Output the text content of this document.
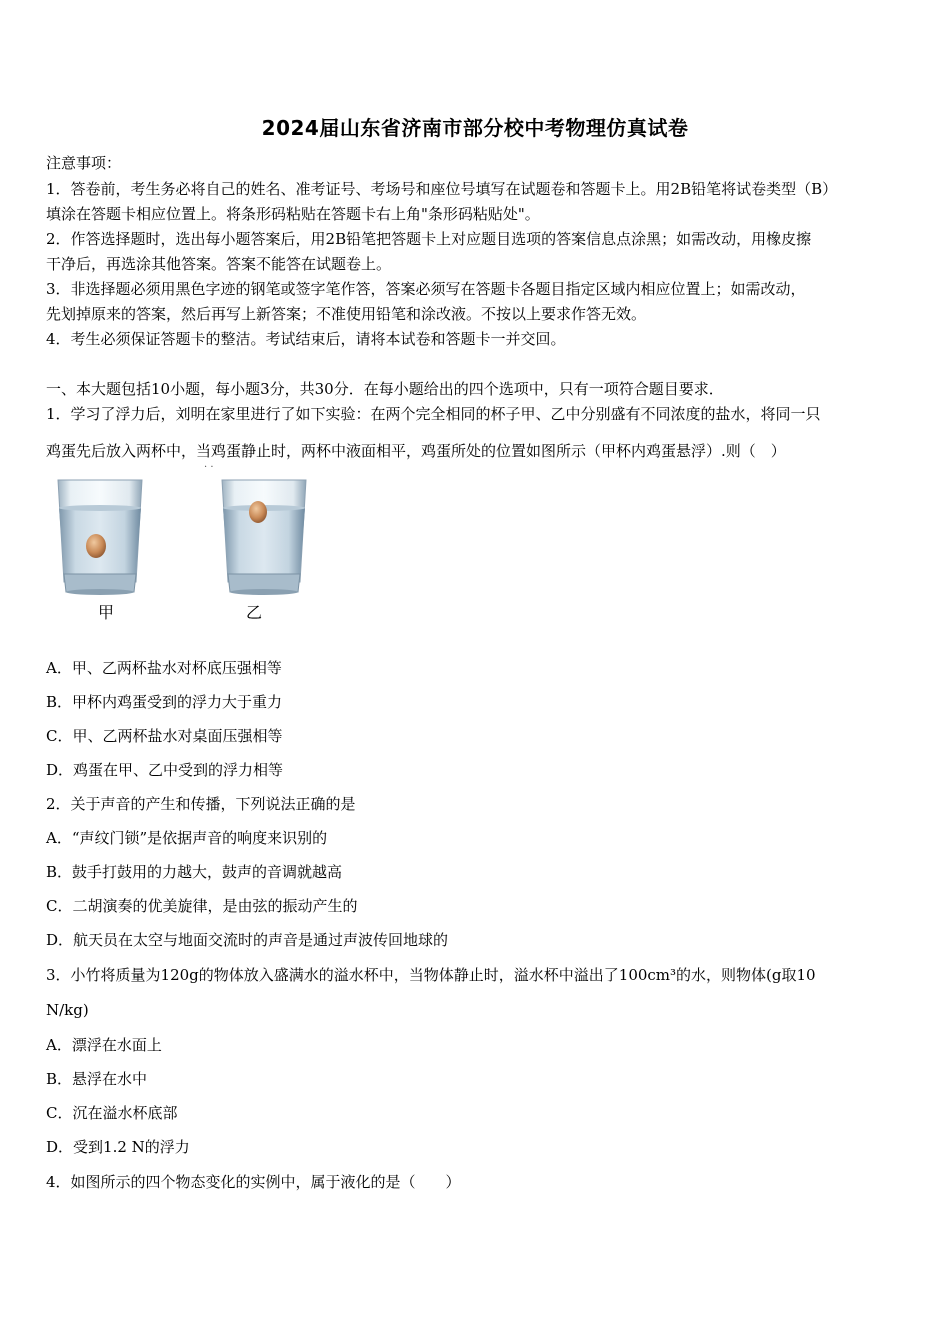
2024届山东省济南市部分校中考物理仿真试卷
注意事项：
1．答卷前，考生务必将自己的姓名、准考证号、考场号和座位号填写在试题卷和答题卡上。用2B铅笔将试卷类型（B）
填涂在答题卡相应位置上。将条形码粘贴在答题卡右上角"条形码粘贴处"。
2．作答选择题时，选出每小题答案后，用2B铅笔把答题卡上对应题目选项的答案信息点涂黑；如需改动，用橡皮擦
干净后，再选涂其他答案。答案不能答在试题卷上。
3．非选择题必须用黑色字迹的钢笔或签字笔作答，答案必须写在答题卡各题目指定区域内相应位置上；如需改动，
先划掉原来的答案，然后再写上新答案；不准使用铅笔和涂改液。不按以上要求作答无效。
4．考生必须保证答题卡的整洁。考试结束后，请将本试卷和答题卡一并交回。
一、本大题包括10小题，每小题3分，共30分．在每小题给出的四个选项中，只有一项符合题目要求．
1．学习了浮力后，刘明在家里进行了如下实验：在两个完全相同的杯子甲、乙中分别盛有不同浓度的盐水，将同一只
鸡蛋先后放入两杯中，当鸡蛋静止时，两杯中液面相平，鸡蛋所处的位置如图所示（甲杯内鸡蛋悬浮）.则（　）
· ·
甲	乙
A．甲、乙两杯盐水对杯底压强相等
B．甲杯内鸡蛋受到的浮力大于重力
C．甲、乙两杯盐水对桌面压强相等
D．鸡蛋在甲、乙中受到的浮力相等
2．关于声音的产生和传播，下列说法正确的是
A．“声纹门锁”是依据声音的响度来识别的
B．鼓手打鼓用的力越大，鼓声的音调就越高
C．二胡演奏的优美旋律，是由弦的振动产生的
D．航天员在太空与地面交流时的声音是通过声波传回地球的
3．小竹将质量为120g的物体放入盛满水的溢水杯中，当物体静止时，溢水杯中溢出了100cm³的水，则物体(g取10
N/kg)
A．漂浮在水面上
B．悬浮在水中
C．沉在溢水杯底部
D．受到1.2 N的浮力
4．如图所示的四个物态变化的实例中，属于液化的是（　　）
